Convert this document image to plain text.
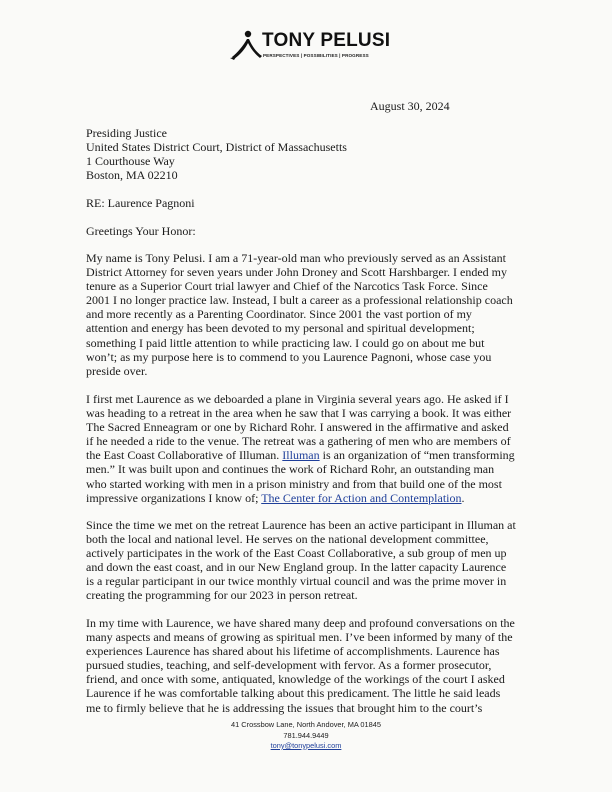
TONY PELUSI
PERSPECTIVES | POSSIBILITIES | PROGRESS
August 30, 2024
Presiding Justice
United States District Court, District of Massachusetts
1 Courthouse Way
Boston, MA 02210
RE: Laurence Pagnoni
Greetings Your Honor:
My name is Tony Pelusi. I am a 71-year-old man who previously served as an Assistant
District Attorney for seven years under John Droney and Scott Harshbarger. I ended my
tenure as a Superior Court trial lawyer and Chief of the Narcotics Task Force. Since
2001 I no longer practice law. Instead, I bult a career as a professional relationship coach
and more recently as a Parenting Coordinator. Since 2001 the vast portion of my
attention and energy has been devoted to my personal and spiritual development;
something I paid little attention to while practicing law. I could go on about me but
won’t; as my purpose here is to commend to you Laurence Pagnoni, whose case you
preside over.
I first met Laurence as we deboarded a plane in Virginia several years ago. He asked if I
was heading to a retreat in the area when he saw that I was carrying a book. It was either
The Sacred Enneagram or one by Richard Rohr. I answered in the affirmative and asked
if he needed a ride to the venue. The retreat was a gathering of men who are members of
the East Coast Collaborative of Illuman. Illuman is an organization of “men transforming
men.” It was built upon and continues the work of Richard Rohr, an outstanding man
who started working with men in a prison ministry and from that build one of the most
impressive organizations I know of; The Center for Action and Contemplation.
Since the time we met on the retreat Laurence has been an active participant in Illuman at
both the local and national level. He serves on the national development committee,
actively participates in the work of the East Coast Collaborative, a sub group of men up
and down the east coast, and in our New England group. In the latter capacity Laurence
is a regular participant in our twice monthly virtual council and was the prime mover in
creating the programming for our 2023 in person retreat.
In my time with Laurence, we have shared many deep and profound conversations on the
many aspects and means of growing as spiritual men. I’ve been informed by many of the
experiences Laurence has shared about his lifetime of accomplishments. Laurence has
pursued studies, teaching, and self-development with fervor. As a former prosecutor,
friend, and once with some, antiquated, knowledge of the workings of the court I asked
Laurence if he was comfortable talking about this predicament. The little he said leads
me to firmly believe that he is addressing the issues that brought him to the court’s
41 Crossbow Lane, North Andover, MA 01845
781.944.9449
tony@tonypelusi.com
